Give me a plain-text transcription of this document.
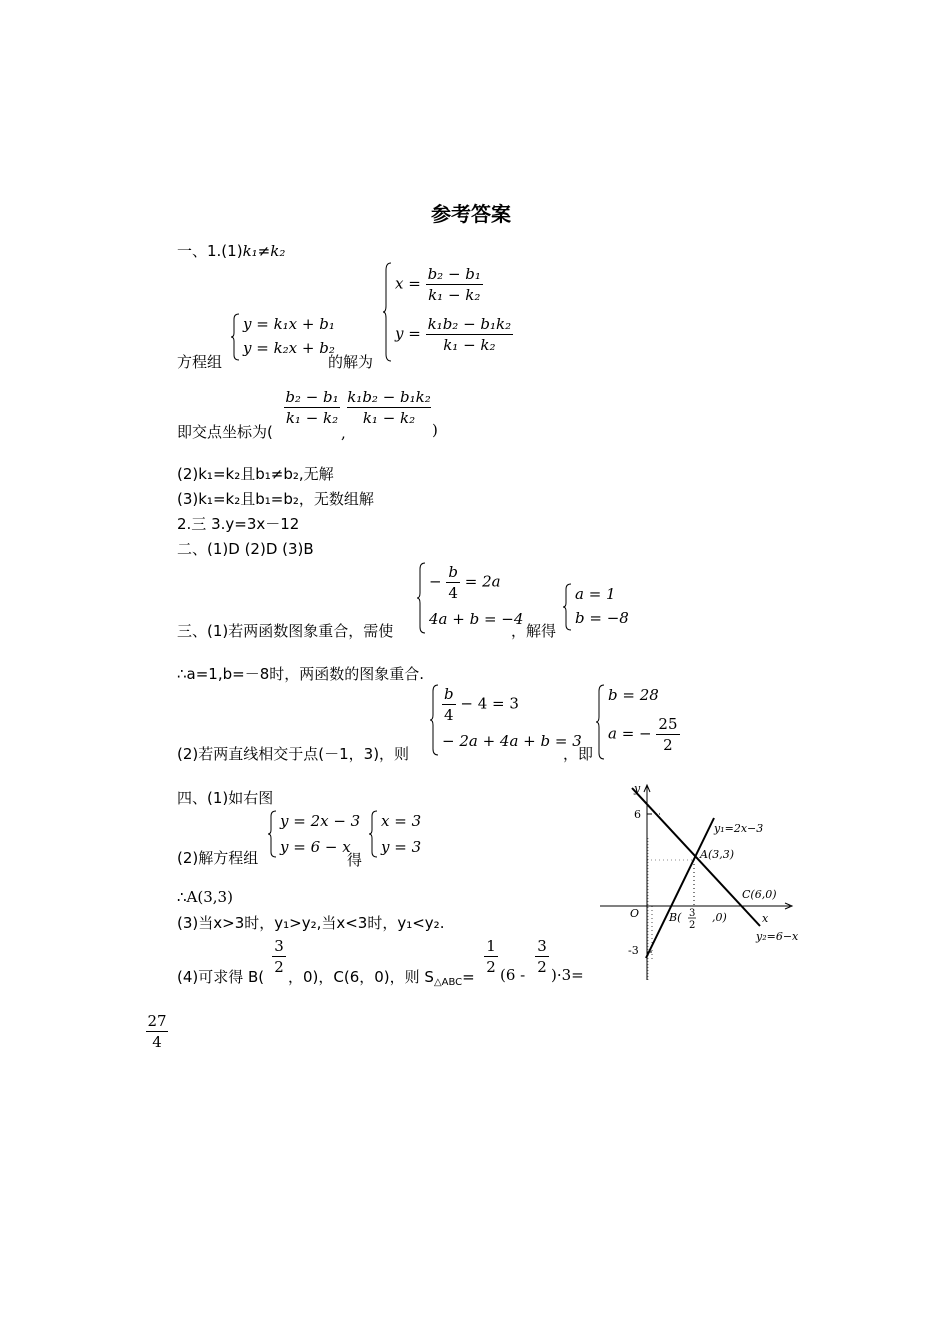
参考答案
一、1.(1)k₁≠k₂
$x = \frac{\text{b₂ − b₁}}{\text{k₁ − k₂}}$
$y = \frac{\text{k₁b₂ − b₁k₂}}{\text{k₁ − k₂}}$
y = k₁x + b₁
y = k₂x + b₂
方程组	的解为
即交点坐标为(
b₂ − b₁
k₁ − k₂
,
k₁b₂ − b₁k₂
k₁ − k₂
)
(2)k₁=k₂且b₁≠b₂,无解
(3)k₁=k₂且b₁=b₂，无数组解
2.三 3.y=3x－12
二、(1)D (2)D (3)B
− $\frac{b}{4} = 2a$
4a + b = −4
三、(1)若两函数图象重合，需使	，解得
a = 1
b = −8
∴a=1,b=－8时，两函数的图象重合.
$\frac{b}{4} - 4 = 3$
− 2a + 4a + b = 3
(2)若两直线相交于点(－1，3)，则	，即
b = 28
a = − $\frac{25}{2}$
四、(1)如右图
y = 2x − 3
y = 6 − x
(2)解方程组	得
x = 3
y = 3
∴A(3,3)
(3)当x>3时，y₁>y₂,当x<3时，y₁<y₂.
(4)可求得 B(
3
2
，0)，C(6，0)，则 $S_{\triangle ABC}=$
1
2 (6 -
3
2 )·3=
27
4
y
x
O
y₁=2x−3
y₂=6−x
A(3,3)
C(6,0)
B(	,0)
3
2
6
-3
